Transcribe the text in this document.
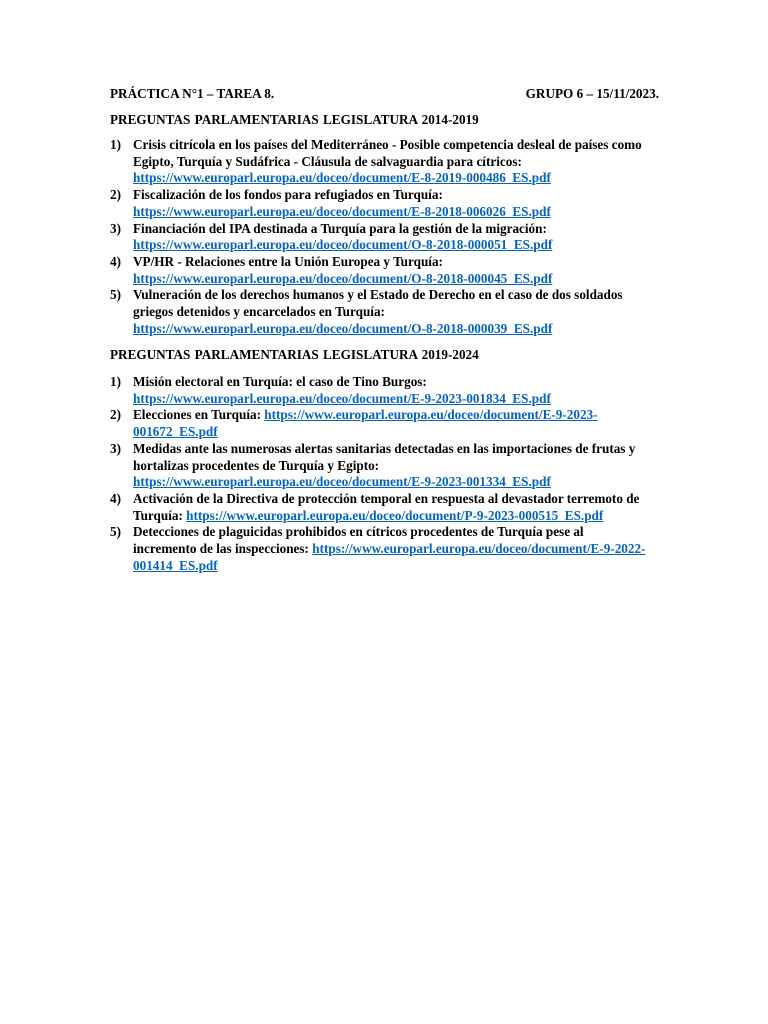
PRÁCTICA N°1 – TAREA 8.	GRUPO 6 – 15/11/2023.
PREGUNTAS PARLAMENTARIAS LEGISLATURA 2014-2019
1) Crisis citrícola en los países del Mediterráneo - Posible competencia desleal de países como Egipto, Turquía y Sudáfrica - Cláusula de salvaguardia para cítricos:
https://www.europarl.europa.eu/doceo/document/E-8-2019-000486_ES.pdf
2) Fiscalización de los fondos para refugiados en Turquía:
https://www.europarl.europa.eu/doceo/document/E-8-2018-006026_ES.pdf
3) Financiación del IPA destinada a Turquía para la gestión de la migración:
https://www.europarl.europa.eu/doceo/document/O-8-2018-000051_ES.pdf
4) VP/HR - Relaciones entre la Unión Europea y Turquía:
https://www.europarl.europa.eu/doceo/document/O-8-2018-000045_ES.pdf
5) Vulneración de los derechos humanos y el Estado de Derecho en el caso de dos soldados griegos detenidos y encarcelados en Turquía:
https://www.europarl.europa.eu/doceo/document/O-8-2018-000039_ES.pdf
PREGUNTAS PARLAMENTARIAS LEGISLATURA 2019-2024
1) Misión electoral en Turquía: el caso de Tino Burgos:
https://www.europarl.europa.eu/doceo/document/E-9-2023-001834_ES.pdf
2) Elecciones en Turquía: https://www.europarl.europa.eu/doceo/document/E-9-2023-001672_ES.pdf
3) Medidas ante las numerosas alertas sanitarias detectadas en las importaciones de frutas y hortalizas procedentes de Turquía y Egipto:
https://www.europarl.europa.eu/doceo/document/E-9-2023-001334_ES.pdf
4) Activación de la Directiva de protección temporal en respuesta al devastador terremoto de Turquía: https://www.europarl.europa.eu/doceo/document/P-9-2023-000515_ES.pdf
5) Detecciones de plaguicidas prohibidos en cítricos procedentes de Turquía pese al incremento de las inspecciones: https://www.europarl.europa.eu/doceo/document/E-9-2022-001414_ES.pdf
